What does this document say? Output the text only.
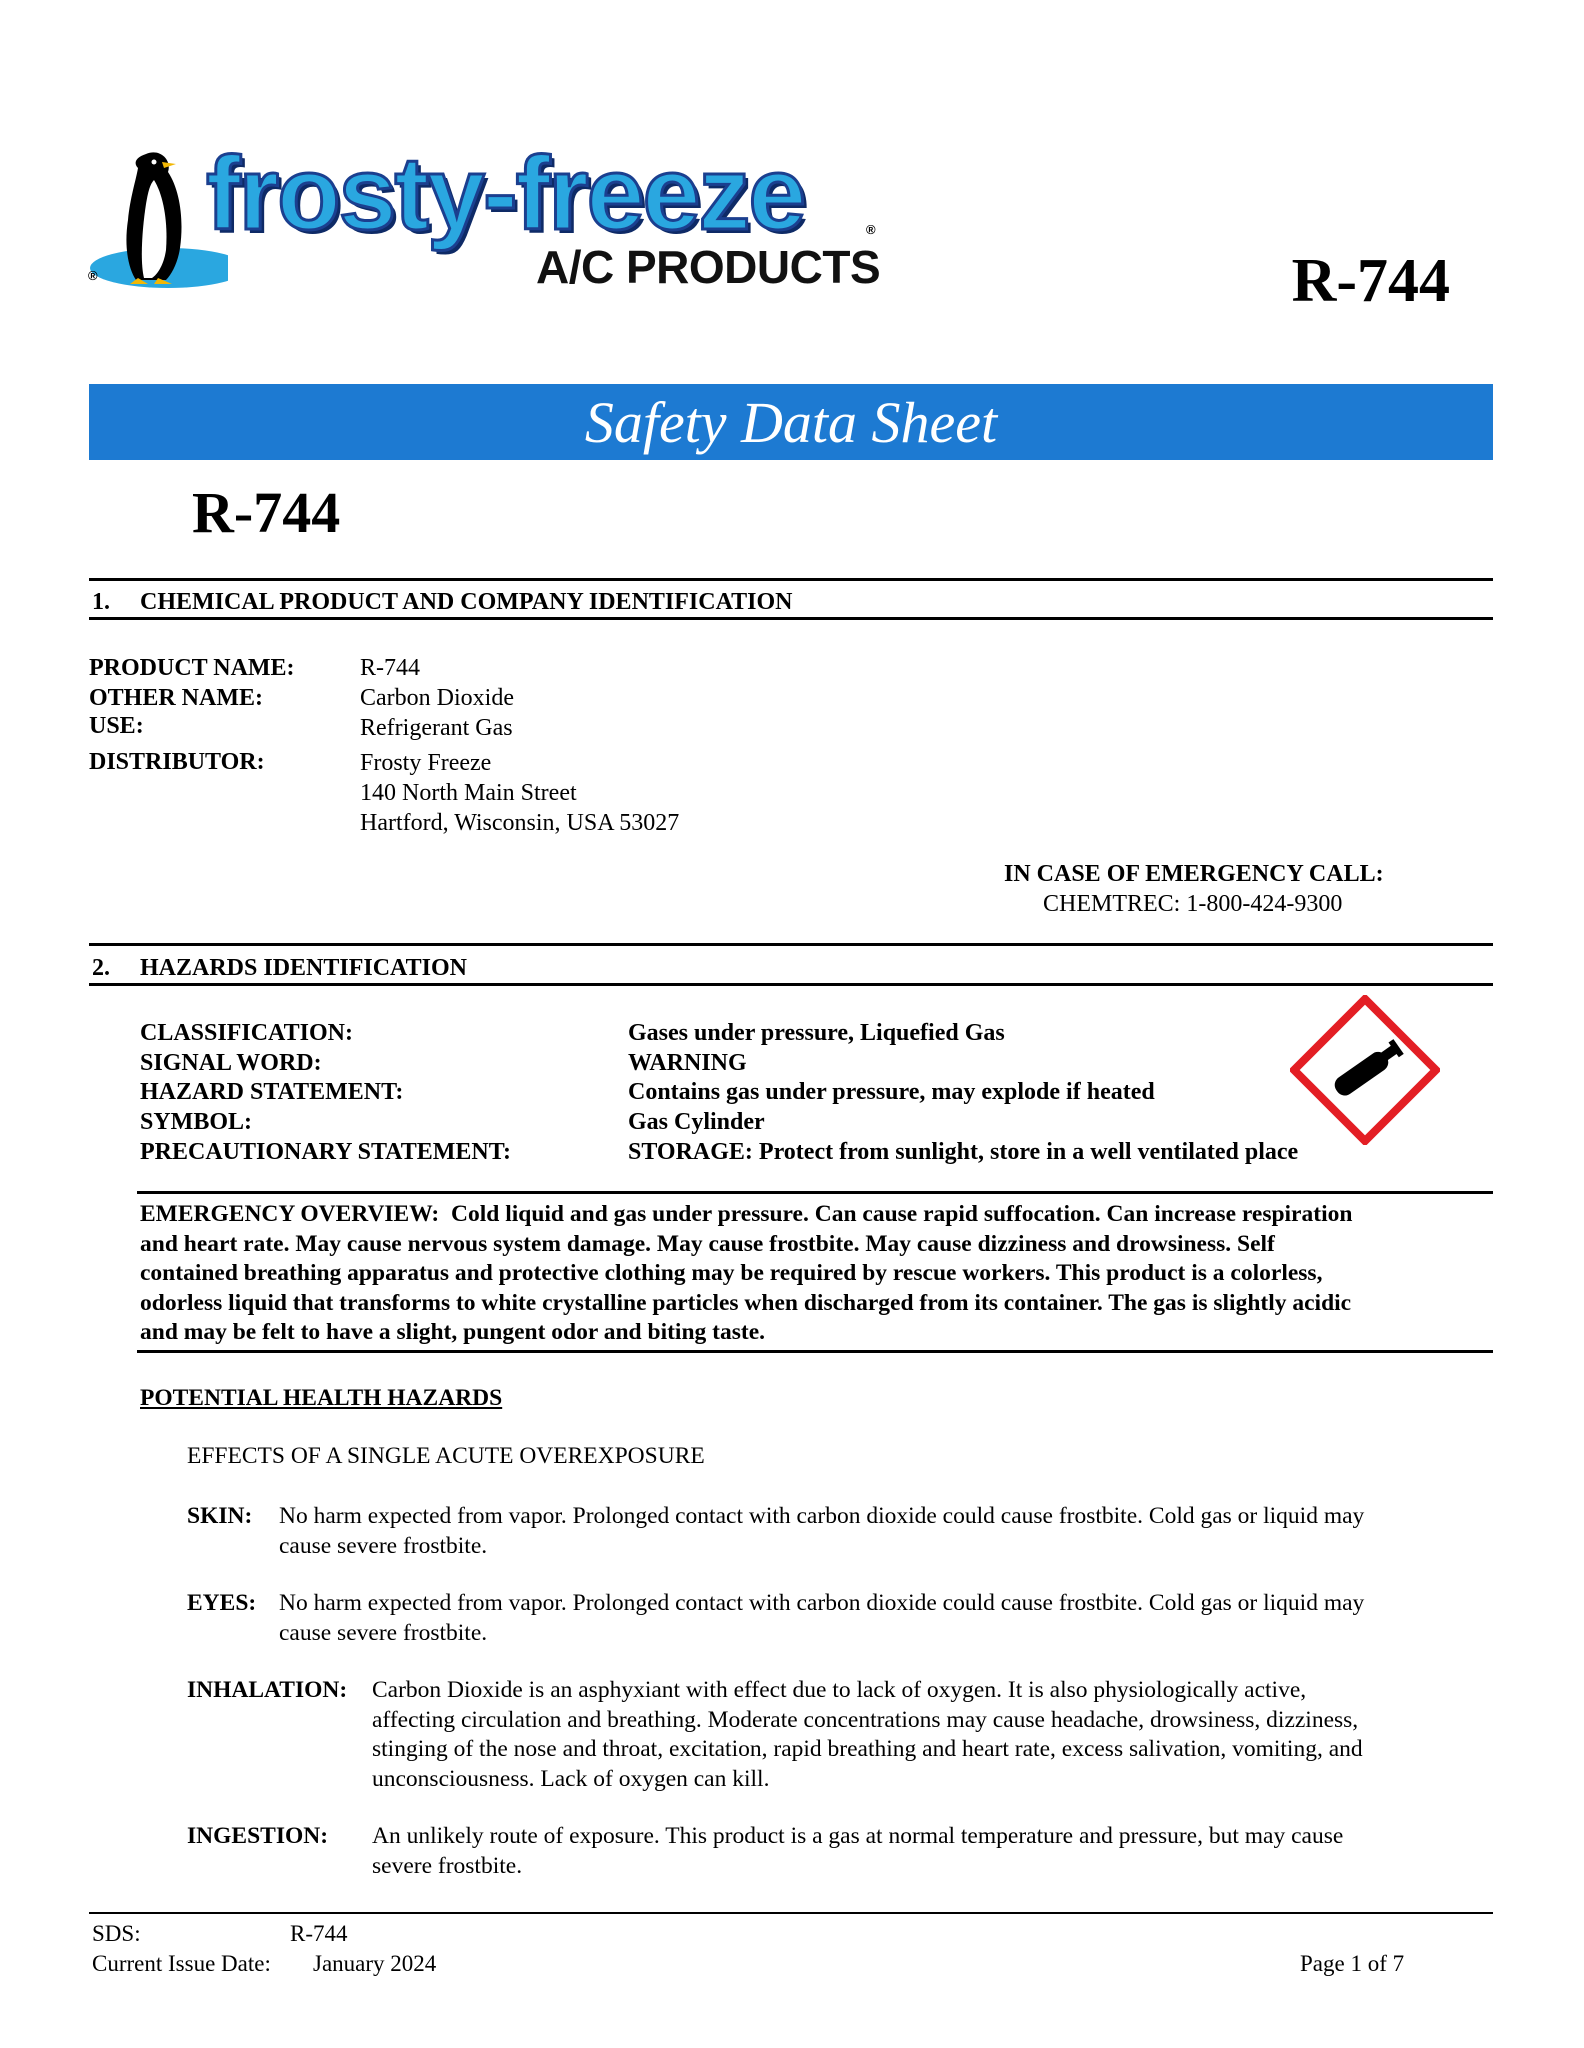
frosty-freeze
A/C PRODUCTS
®
®
R-744
Safety Data Sheet
R-744
1. CHEMICAL PRODUCT AND COMPANY IDENTIFICATION
PRODUCT NAME:	R-744
OTHER NAME:	Carbon Dioxide
USE:	Refrigerant Gas
DISTRIBUTOR:	Frosty Freeze
140 North Main Street
Hartford, Wisconsin, USA 53027
IN CASE OF EMERGENCY CALL:
CHEMTREC: 1-800-424-9300
2. HAZARDS IDENTIFICATION
CLASSIFICATION:	Gases under pressure, Liquefied Gas
SIGNAL WORD:	WARNING
HAZARD STATEMENT:	Contains gas under pressure, may explode if heated
SYMBOL:	Gas Cylinder
PRECAUTIONARY STATEMENT:	STORAGE: Protect from sunlight, store in a well ventilated place
EMERGENCY OVERVIEW: Cold liquid and gas under pressure. Can cause rapid suffocation. Can increase respiration
and heart rate. May cause nervous system damage. May cause frostbite. May cause dizziness and drowsiness. Self
contained breathing apparatus and protective clothing may be required by rescue workers. This product is a colorless,
odorless liquid that transforms to white crystalline particles when discharged from its container. The gas is slightly acidic
and may be felt to have a slight, pungent odor and biting taste.
POTENTIAL HEALTH HAZARDS
EFFECTS OF A SINGLE ACUTE OVEREXPOSURE
SKIN: No harm expected from vapor. Prolonged contact with carbon dioxide could cause frostbite. Cold gas or liquid may
cause severe frostbite.
EYES: No harm expected from vapor. Prolonged contact with carbon dioxide could cause frostbite. Cold gas or liquid may
cause severe frostbite.
INHALATION: Carbon Dioxide is an asphyxiant with effect due to lack of oxygen. It is also physiologically active,
affecting circulation and breathing. Moderate concentrations may cause headache, drowsiness, dizziness,
stinging of the nose and throat, excitation, rapid breathing and heart rate, excess salivation, vomiting, and
unconsciousness. Lack of oxygen can kill.
INGESTION: An unlikely route of exposure. This product is a gas at normal temperature and pressure, but may cause
severe frostbite.
SDS:	R-744
Current Issue Date: January 2024	Page 1 of 7
